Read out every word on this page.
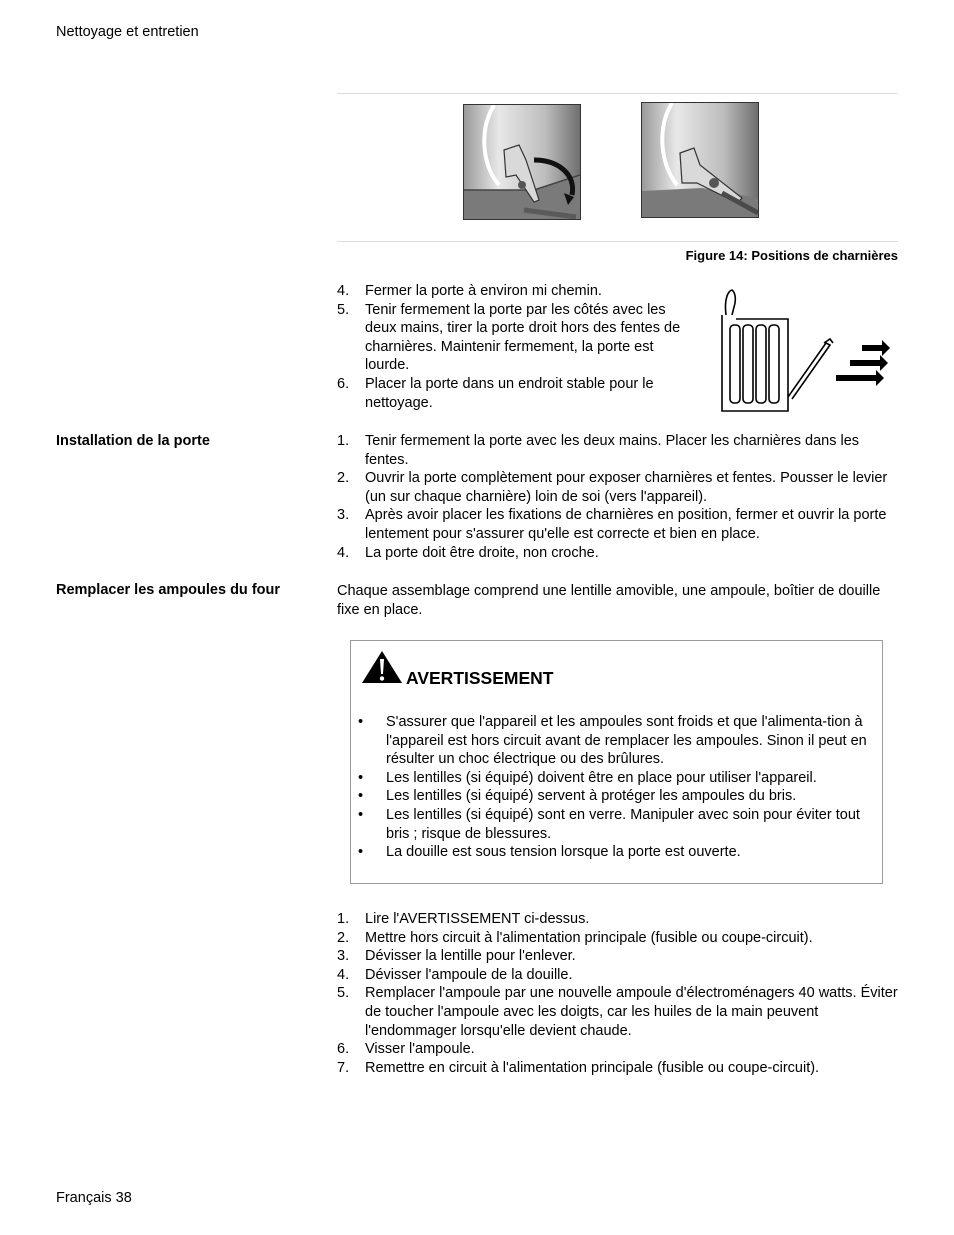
Nettoyage et entretien
Figure 14: Positions de charnières
4. Fermer la porte à environ mi chemin.
5. Tenir fermement la porte par les côtés avec les deux mains, tirer la porte droit hors des fentes de charnières. Maintenir fermement, la porte est lourde.
6. Placer la porte dans un endroit stable pour le nettoyage.
Installation de la porte	1. Tenir fermement la porte avec les deux mains. Placer les charnières dans les fentes.
2. Ouvrir la porte complètement pour exposer charnières et fentes. Pousser le levier (un sur chaque charnière) loin de soi (vers l'appareil).
3. Après avoir placer les fixations de charnières en position, fermer et ouvrir la porte lentement pour s'assurer qu'elle est correcte et bien en place.
4. La porte doit être droite, non croche.
Remplacer les ampoules du four	Chaque assemblage comprend une lentille amovible, une ampoule, boîtier de douille fixe en place.
AVERTISSEMENT
• S'assurer que l'appareil et les ampoules sont froids et que l'alimenta-tion à l'appareil est hors circuit avant de remplacer les ampoules. Sinon il peut en résulter un choc électrique ou des brûlures.
• Les lentilles (si équipé) doivent être en place pour utiliser l'appareil.
• Les lentilles (si équipé) servent à protéger les ampoules du bris.
• Les lentilles (si équipé) sont en verre. Manipuler avec soin pour éviter tout bris ; risque de blessures.
• La douille est sous tension lorsque la porte est ouverte.
1. Lire l'AVERTISSEMENT ci-dessus.
2. Mettre hors circuit à l'alimentation principale (fusible ou coupe-circuit).
3. Dévisser la lentille pour l'enlever.
4. Dévisser l'ampoule de la douille.
5. Remplacer l'ampoule par une nouvelle ampoule d'électroménagers 40 watts. Éviter de toucher l'ampoule avec les doigts, car les huiles de la main peuvent l'endommager lorsqu'elle devient chaude.
6. Visser l'ampoule.
7. Remettre en circuit à l'alimentation principale (fusible ou coupe-circuit).
Français 38
